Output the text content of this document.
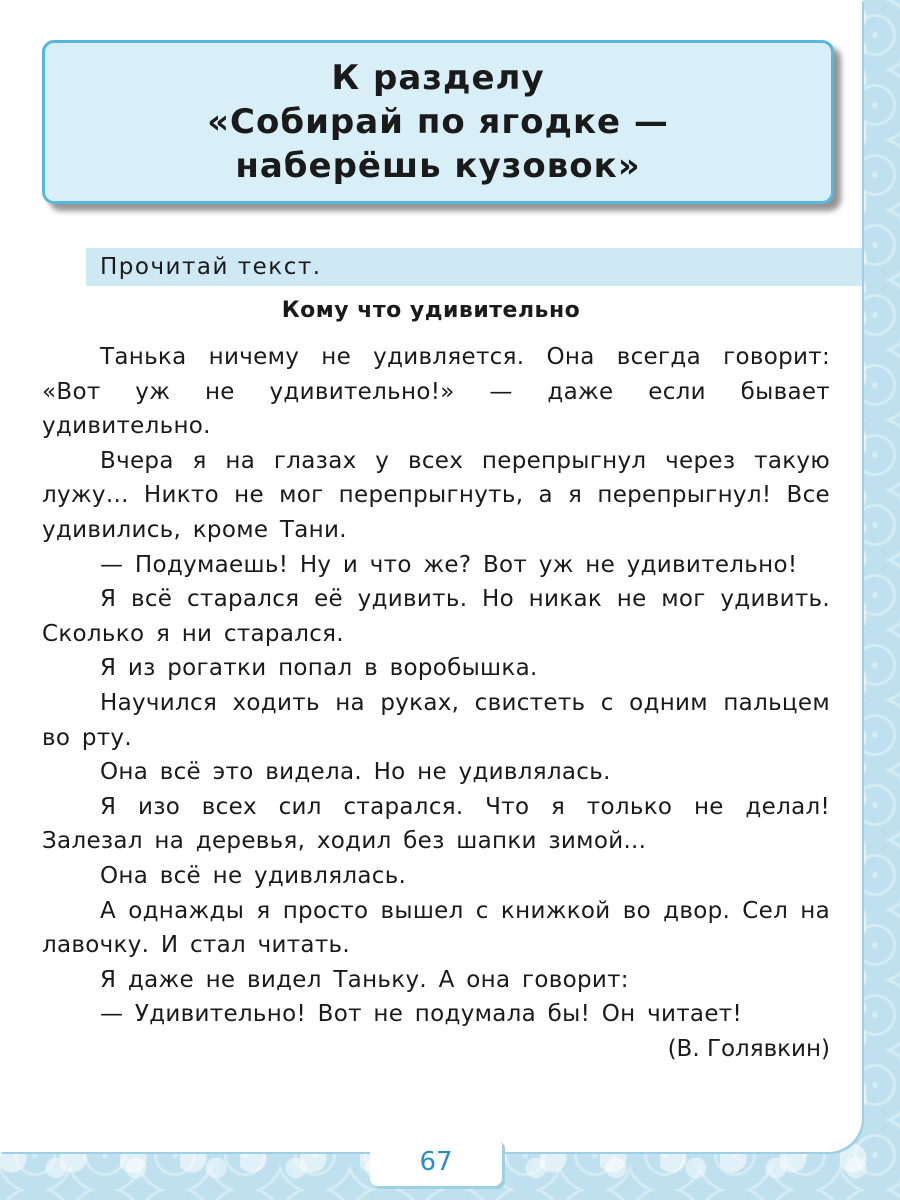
К разделу
«Собирай по ягодке —
наберёшь кузовок»
Прочитай текст.
Кому что удивительно

Танька ничему не удивляется. Она всегда говорит: «Вот уж не удивительно!» — даже если бывает удивительно.

Вчера я на глазах у всех перепрыгнул через такую лужу... Никто не мог перепрыгнуть, а я перепрыгнул! Все удивились, кроме Тани.

— Подумаешь! Ну и что же? Вот уж не удивительно!

Я всё старался её удивить. Но никак не мог удивить. Сколько я ни старался.

Я из рогатки попал в воробышка.

Научился ходить на руках, свистеть с одним пальцем во рту.

Она всё это видела. Но не удивлялась.

Я изо всех сил старался. Что я только не делал! Залезал на деревья, ходил без шапки зимой...

Она всё не удивлялась.

А однажды я просто вышел с книжкой во двор. Сел на лавочку. И стал читать.

Я даже не видел Таньку. А она говорит:

— Удивительно! Вот не подумала бы! Он читает!

(В. Голявкин)

67
